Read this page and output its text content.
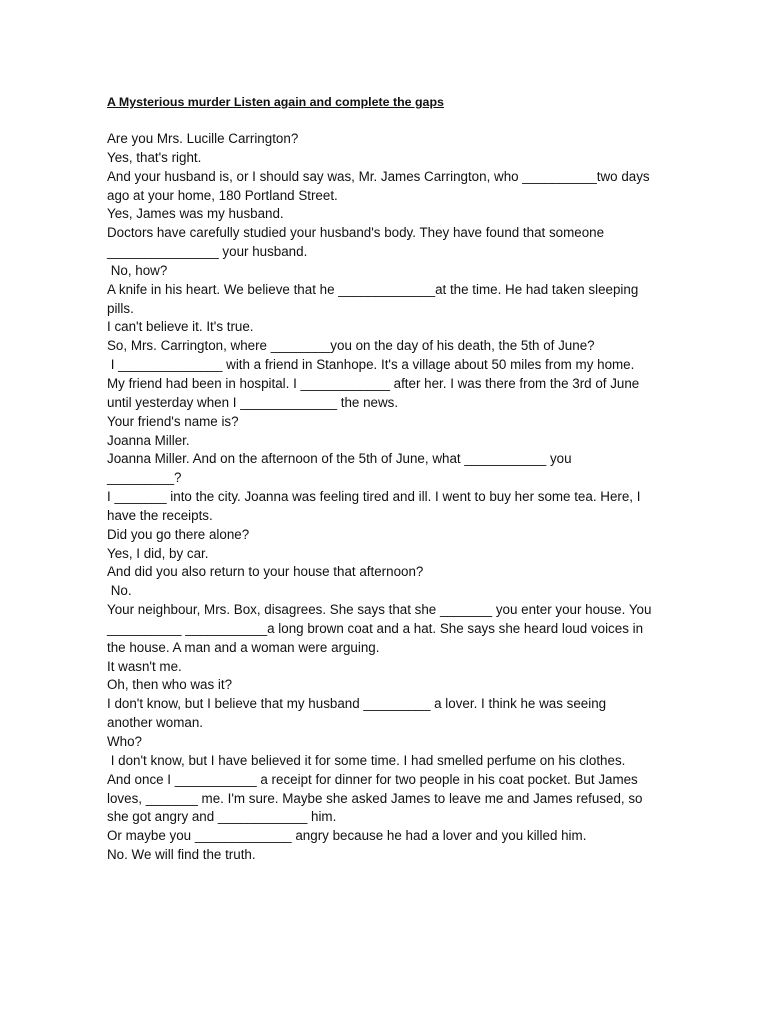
A Mysterious murder Listen again and complete the gaps
Are you Mrs. Lucille Carrington?
Yes, that's right.
And your husband is, or I should say was, Mr. James Carrington, who __________two days
ago at your home, 180 Portland Street.
Yes, James was my husband.
Doctors have carefully studied your husband's body. They have found that someone
_______________ your husband.
No, how?
A knife in his heart. We believe that he _____________at the time. He had taken sleeping
pills.
I can't believe it. It's true.
So, Mrs. Carrington, where ________you on the day of his death, the 5th of June?
I ______________ with a friend in Stanhope. It's a village about 50 miles from my home.
My friend had been in hospital. I ____________ after her. I was there from the 3rd of June
until yesterday when I _____________ the news.
Your friend's name is?
Joanna Miller.
Joanna Miller. And on the afternoon of the 5th of June, what ___________ you
_________?
I _______ into the city. Joanna was feeling tired and ill. I went to buy her some tea. Here, I
have the receipts.
Did you go there alone?
Yes, I did, by car.
And did you also return to your house that afternoon?
No.
Your neighbour, Mrs. Box, disagrees. She says that she _______ you enter your house. You
__________ ___________a long brown coat and a hat. She says she heard loud voices in
the house. A man and a woman were arguing.
It wasn't me.
Oh, then who was it?
I don't know, but I believe that my husband _________ a lover. I think he was seeing
another woman.
Who?
I don't know, but I have believed it for some time. I had smelled perfume on his clothes.
And once I ___________ a receipt for dinner for two people in his coat pocket. But James
loves, _______ me. I'm sure. Maybe she asked James to leave me and James refused, so
she got angry and ____________ him.
Or maybe you _____________ angry because he had a lover and you killed him.
No. We will find the truth.
